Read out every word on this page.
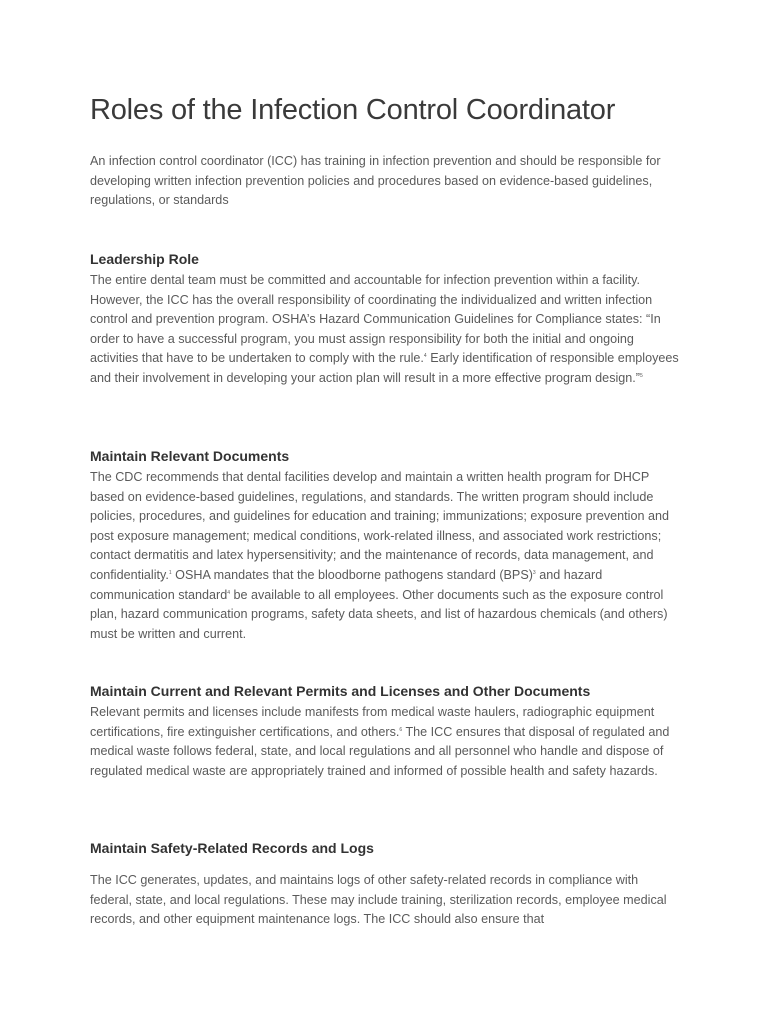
Roles of the Infection Control Coordinator

An infection control coordinator (ICC) has training in infection prevention and should be responsible for developing written infection prevention policies and procedures based on evidence-based guidelines, regulations, or standards

Leadership Role

The entire dental team must be committed and accountable for infection prevention within a facility. However, the ICC has the overall responsibility of coordinating the individualized and written infection control and prevention program. OSHA’s Hazard Communication Guidelines for Compliance states: “In order to have a successful program, you must assign responsibility for both the initial and ongoing activities that have to be undertaken to comply with the rule.$^4$ Early identification of responsible employees and their involvement in developing your action plan will result in a more effective program design.”$^5$

Maintain Relevant Documents

The CDC recommends that dental facilities develop and maintain a written health program for DHCP based on evidence-based guidelines, regulations, and standards. The written program should include policies, procedures, and guidelines for education and training; immunizations; exposure prevention and post exposure management; medical conditions, work-related illness, and associated work restrictions; contact dermatitis and latex hypersensitivity; and the maintenance of records, data management, and confidentiality.$^1$ OSHA mandates that the bloodborne pathogens standard (BPS)$^3$ and hazard communication standard$^4$ be available to all employees. Other documents such as the exposure control plan, hazard communication programs, safety data sheets, and list of hazardous chemicals (and others) must be written and current.

Maintain Current and Relevant Permits and Licenses and Other Documents

Relevant permits and licenses include manifests from medical waste haulers, radiographic equipment certifications, fire extinguisher certifications, and others.$^6$ The ICC ensures that disposal of regulated and medical waste follows federal, state, and local regulations and all personnel who handle and dispose of regulated medical waste are appropriately trained and informed of possible health and safety hazards.

Maintain Safety-Related Records and Logs

The ICC generates, updates, and maintains logs of other safety-related records in compliance with federal, state, and local regulations. These may include training, sterilization records, employee medical records, and other equipment maintenance logs. The ICC should also ensure that
